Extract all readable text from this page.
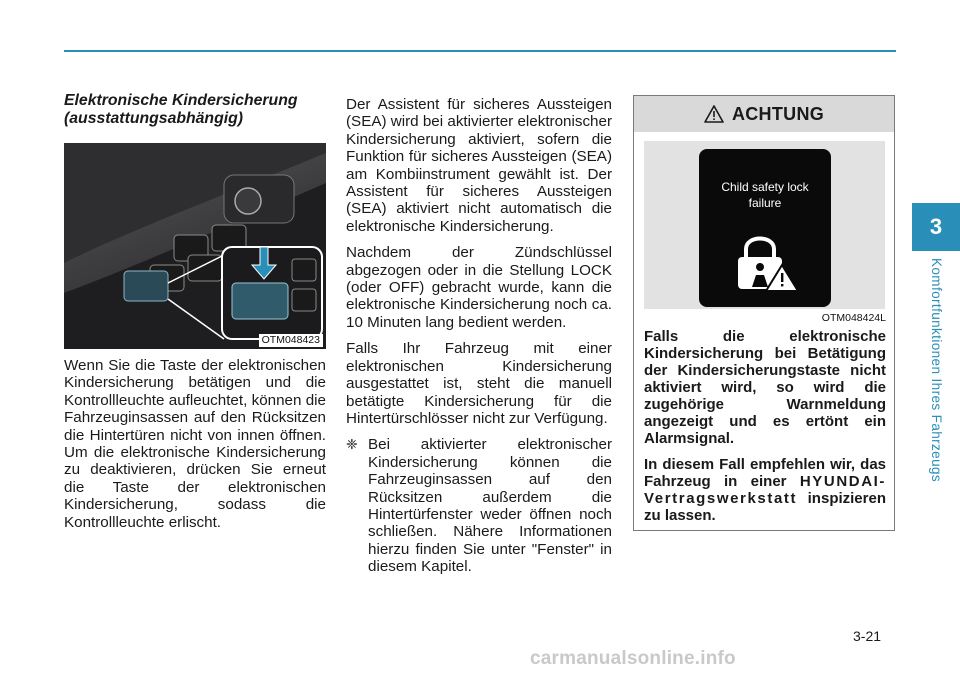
Elektronische Kindersicherung (ausstattungsabhängig)
OTM048423

Wenn Sie die Taste der elektronischen Kindersicherung betätigen und die Kontrollleuchte aufleuchtet, können die Fahrzeuginsassen auf den Rücksitzen die Hintertüren nicht von innen öffnen. Um die elektronische Kindersicherung zu deaktivieren, drücken Sie erneut die Taste der elektronischen Kindersicherung, sodass die Kontrollleuchte erlischt.

Der Assistent für sicheres Aussteigen (SEA) wird bei aktivierter elektronischer Kindersicherung aktiviert, sofern die Funktion für sicheres Aussteigen (SEA) am Kombiinstrument gewählt ist. Der Assistent für sicheres Aussteigen (SEA) aktiviert nicht automatisch die elektronische Kindersicherung.

Nachdem der Zündschlüssel abgezogen oder in die Stellung LOCK (oder OFF) gebracht wurde, kann die elektronische Kindersicherung noch ca. 10 Minuten lang bedient werden.

Falls Ihr Fahrzeug mit einer elektronischen Kindersicherung ausgestattet ist, steht die manuell betätigte Kindersicherung für die Hintertürschlösser nicht zur Verfügung.

❈ Bei aktivierter elektronischer Kindersicherung können die Fahrzeuginsassen auf den Rücksitzen außerdem die Hintertürfenster weder öffnen noch schließen. Nähere Informationen hierzu finden Sie unter "Fenster" in diesem Kapitel.
ACHTUNG
Child safety lock
failure
OTM048424L

Falls die elektronische Kindersicherung bei Betätigung der Kindersicherungstaste nicht aktiviert wird, so wird die zugehörige Warnmeldung angezeigt und es ertönt ein Alarmsignal.

In diesem Fall empfehlen wir, das Fahrzeug in einer HYUNDAI-Vertragswerkstatt inspizieren zu lassen.

3
Komfortfunktionen Ihres Fahrzeugs
3-21
carmanualsonline.info
